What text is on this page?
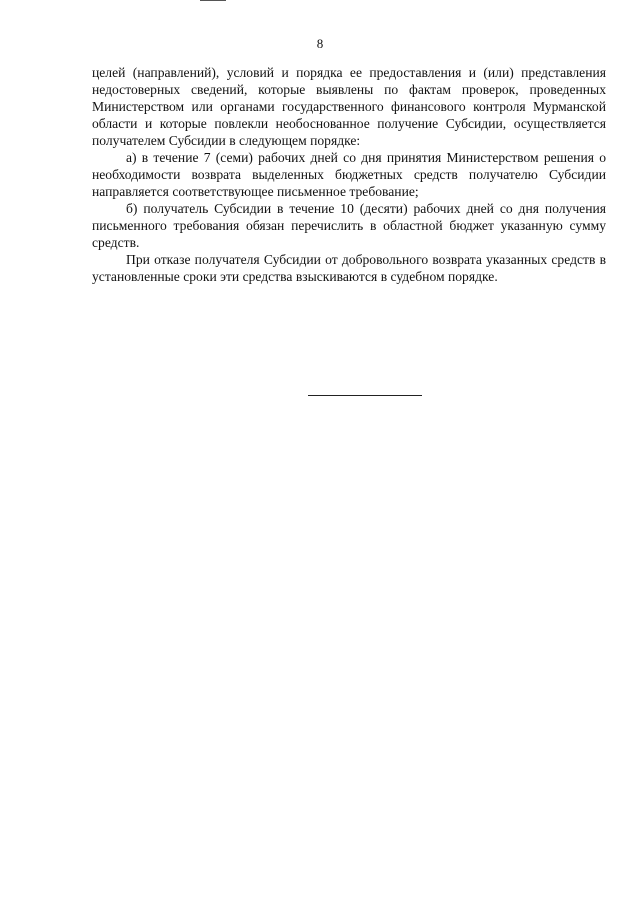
8

целей (направлений), условий и порядка ее предоставления и (или) представления недостоверных сведений, которые выявлены по фактам проверок, проведенных Министерством или органами государственного финансового контроля Мурманской области и которые повлекли необоснованное получение Субсидии, осуществляется получателем Субсидии в следующем порядке:

а) в течение 7 (семи) рабочих дней со дня принятия Министерством решения о необходимости возврата выделенных бюджетных средств получателю Субсидии направляется соответствующее письменное требование;

б) получатель Субсидии в течение 10 (десяти) рабочих дней со дня получения письменного требования обязан перечислить в областной бюджет указанную сумму средств.

При отказе получателя Субсидии от добровольного возврата указанных средств в установленные сроки эти средства взыскиваются в судебном порядке.
